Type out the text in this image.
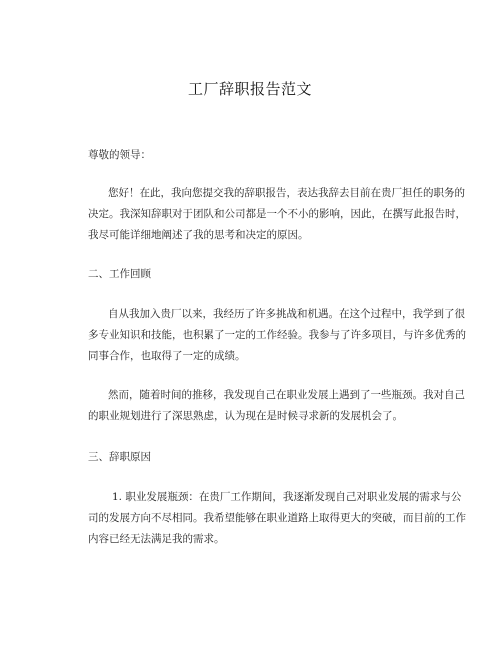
工厂辞职报告范文
尊敬的领导：
您好！在此，我向您提交我的辞职报告，表达我辞去目前在贵厂担任的职务的
决定。我深知辞职对于团队和公司都是一个不小的影响，因此，在撰写此报告时，
我尽可能详细地阐述了我的思考和决定的原因。
二、工作回顾
自从我加入贵厂以来，我经历了许多挑战和机遇。在这个过程中，我学到了很
多专业知识和技能，也积累了一定的工作经验。我参与了许多项目，与许多优秀的
同事合作，也取得了一定的成绩。
然而，随着时间的推移，我发现自己在职业发展上遇到了一些瓶颈。我对自己
的职业规划进行了深思熟虑，认为现在是时候寻求新的发展机会了。
三、辞职原因
1. 职业发展瓶颈：在贵厂工作期间，我逐渐发现自己对职业发展的需求与公
司的发展方向不尽相同。我希望能够在职业道路上取得更大的突破，而目前的工作
内容已经无法满足我的需求。
